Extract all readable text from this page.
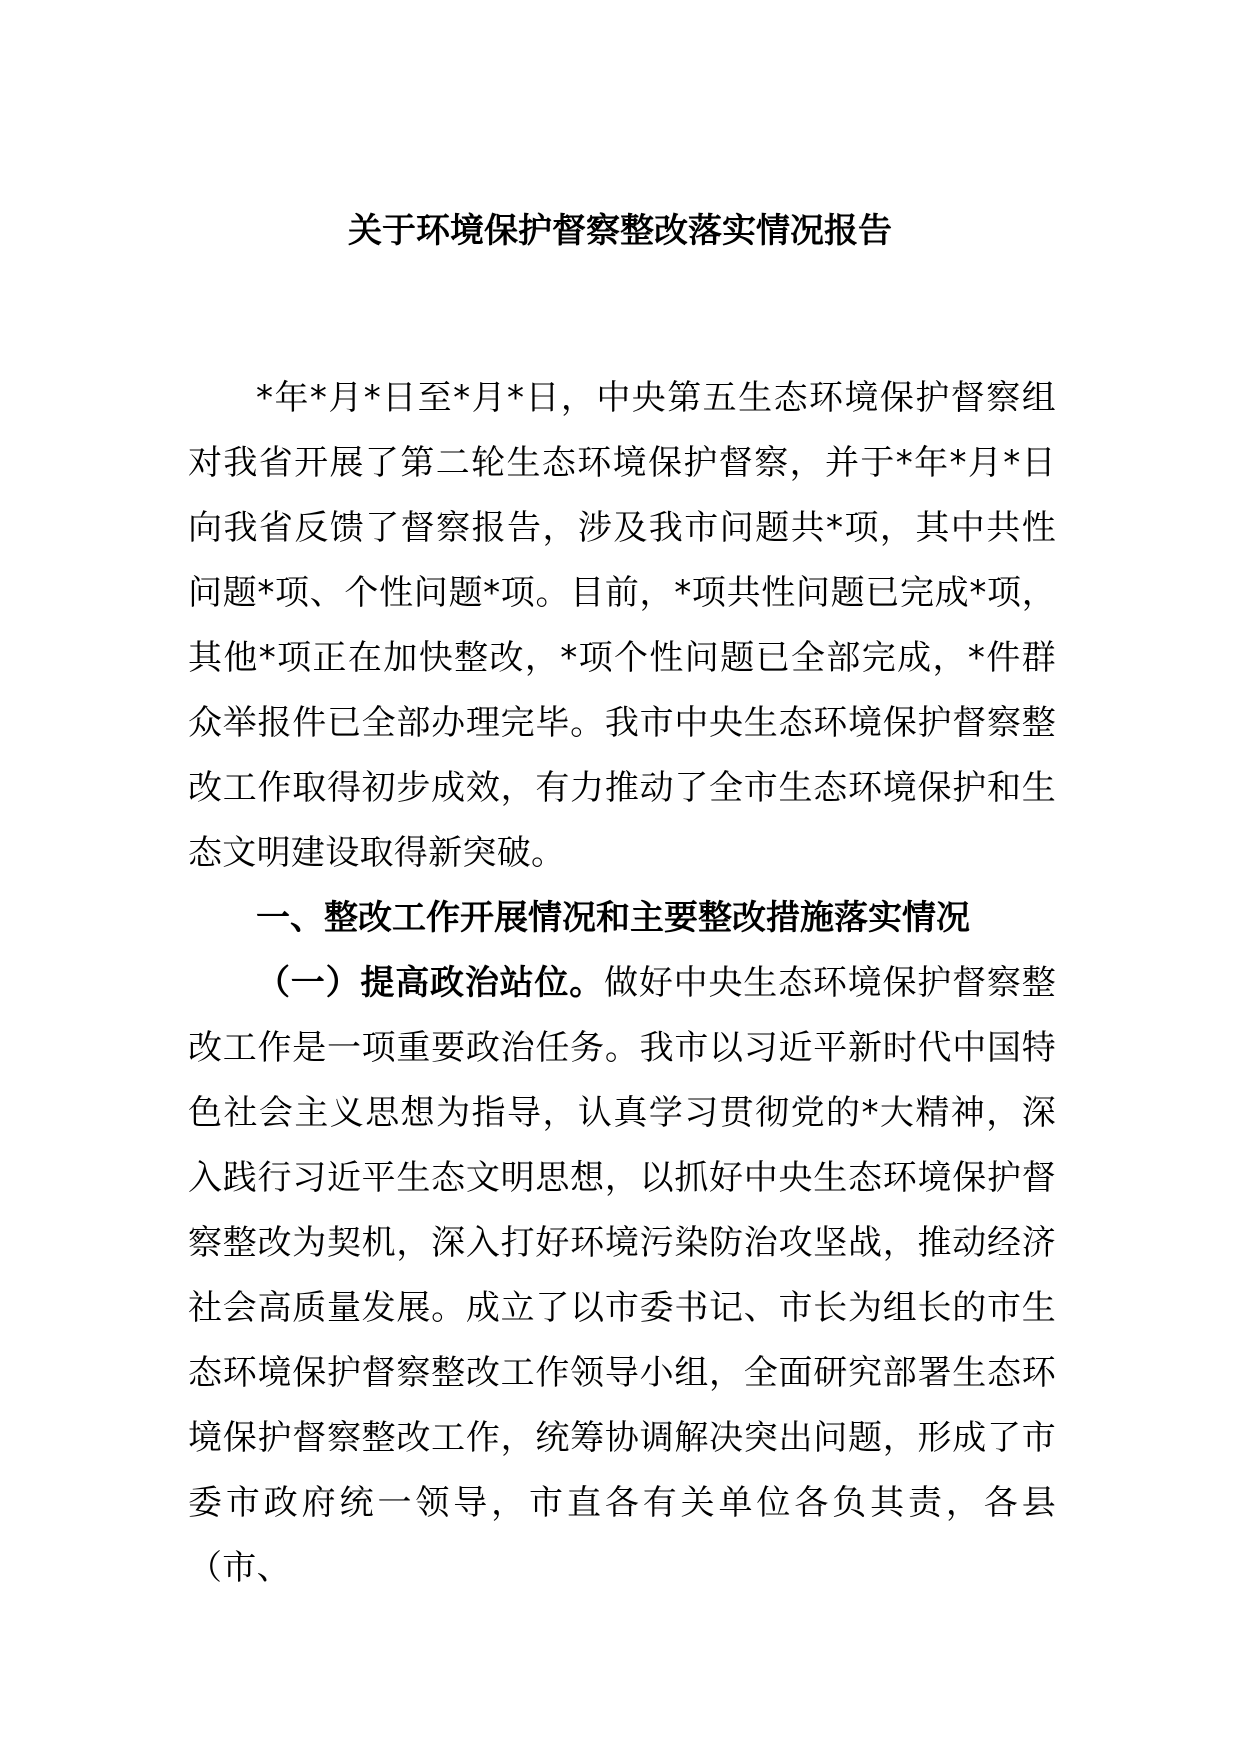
关于环境保护督察整改落实情况报告

*年*月*日至*月*日，中央第五生态环境保护督察组对我省开展了第二轮生态环境保护督察，并于*年*月*日向我省反馈了督察报告，涉及我市问题共*项，其中共性问题*项、个性问题*项。目前，*项共性问题已完成*项，其他*项正在加快整改，*项个性问题已全部完成，*件群众举报件已全部办理完毕。我市中央生态环境保护督察整改工作取得初步成效，有力推动了全市生态环境保护和生态文明建设取得新突破。

一、整改工作开展情况和主要整改措施落实情况

（一）提高政治站位。做好中央生态环境保护督察整改工作是一项重要政治任务。我市以习近平新时代中国特色社会主义思想为指导，认真学习贯彻党的*大精神，深入践行习近平生态文明思想，以抓好中央生态环境保护督察整改为契机，深入打好环境污染防治攻坚战，推动经济社会高质量发展。成立了以市委书记、市长为组长的市生态环境保护督察整改工作领导小组，全面研究部署生态环境保护督察整改工作，统筹协调解决突出问题，形成了市委市政府统一领导，市直各有关单位各负其责，各县（市、
